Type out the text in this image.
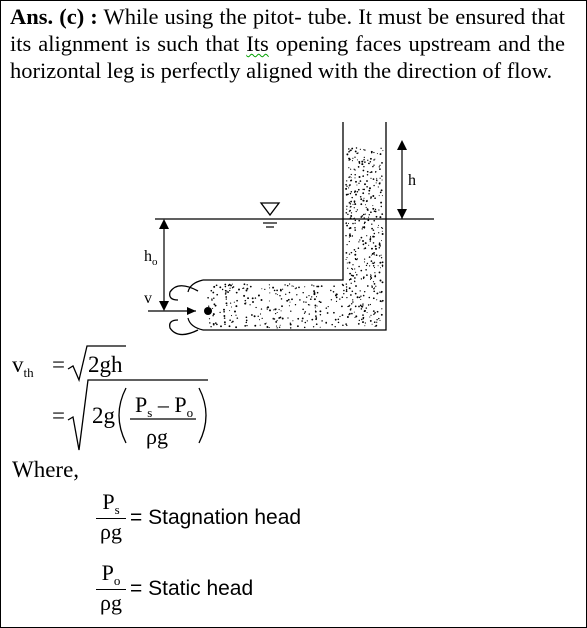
Ans. (c) : While using the pitot- tube. It must be ensured that its alignment is such that Its opening faces upstream and the horizontal leg is perfectly aligned with the direction of flow.
h
$h_o$
v
$v_{th} = 2gh$
= 2g $P_s - P_o$
ρg
Where,
$P_s$
ρg
= Stagnation head
$P_o$
ρg
= Static head
